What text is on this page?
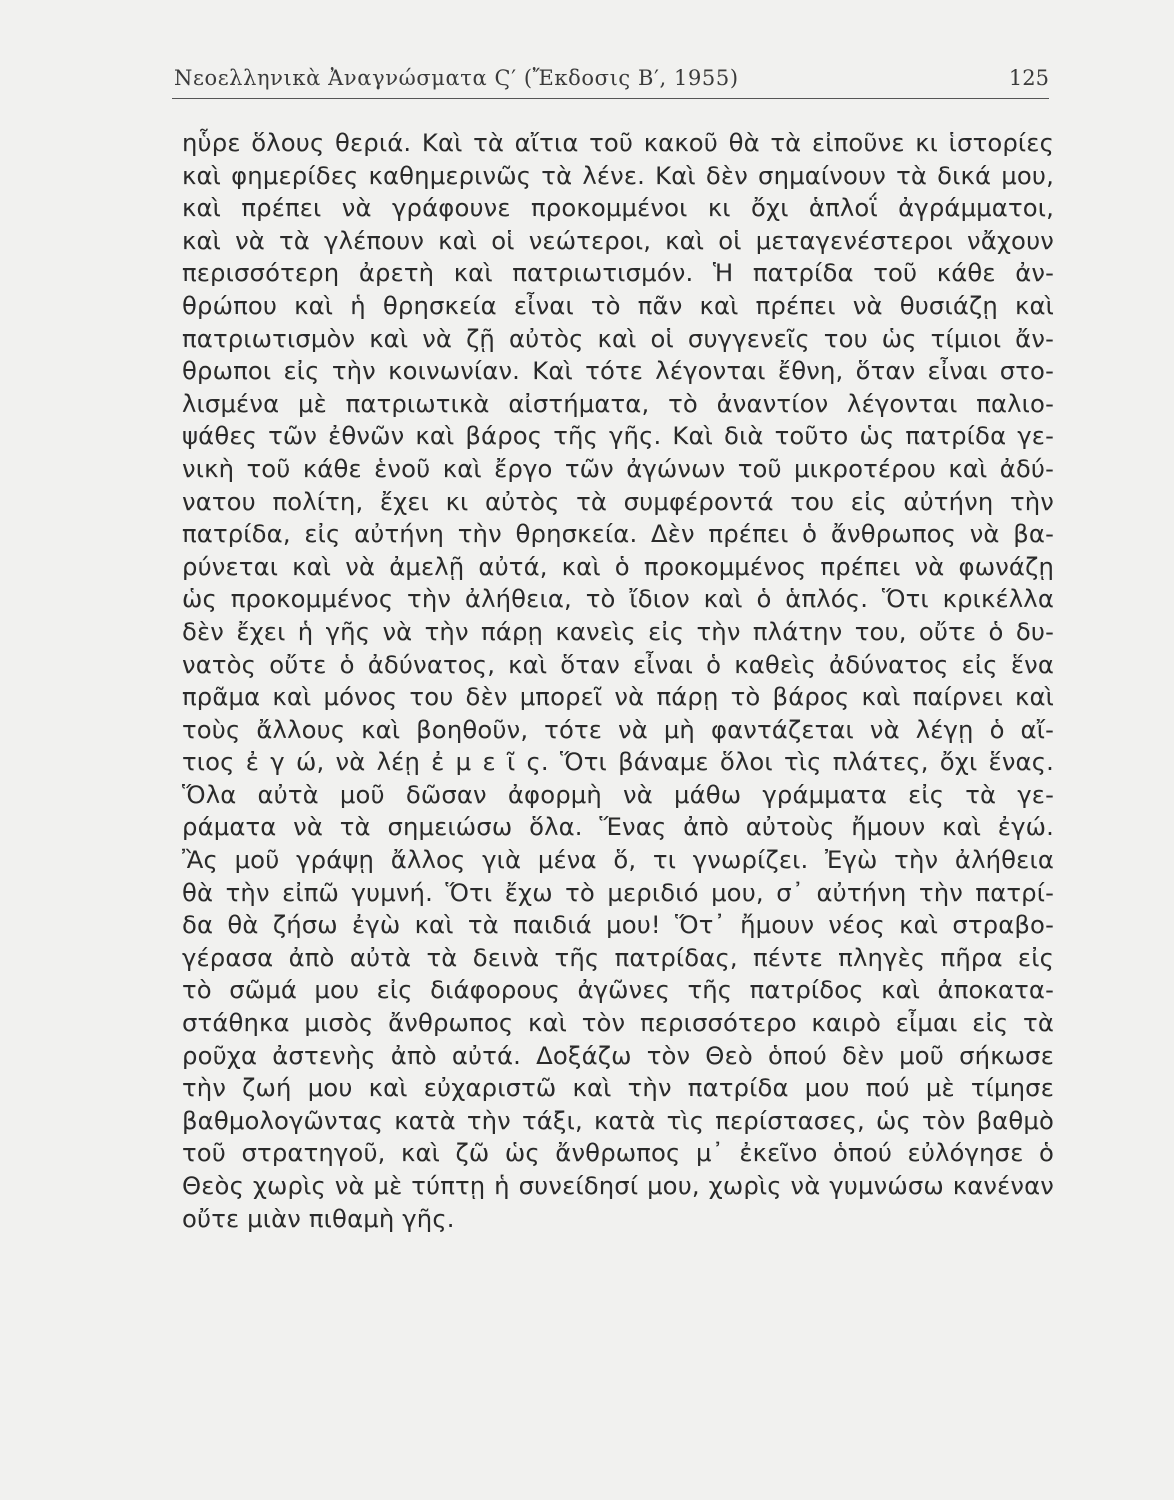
Νεοελληνικὰ Ἀναγνώσματα Ϛ′ (Ἔκδοσις Β′, 1955)	125
ηὗρε ὅλους θεριά. Καὶ τὰ αἴτια τοῦ κακοῦ θὰ τὰ εἰποῦνε κι ἱστορίες
καὶ φημερίδες καθημερινῶς τὰ λένε. Καὶ δὲν σημαίνουν τὰ δικά μου,
καὶ πρέπει νὰ γράφουνε προκομμένοι κι ὄχι ἁπλοΐ ἀγράμματοι,
καὶ νὰ τὰ γλέπουν καὶ οἱ νεώτεροι, καὶ οἱ μεταγενέστεροι νἄχουν
περισσότερη ἀρετὴ καὶ πατριωτισμόν. Ἡ πατρίδα τοῦ κάθε ἀν-
θρώπου καὶ ἡ θρησκεία εἶναι τὸ πᾶν καὶ πρέπει νὰ θυσιάζῃ καὶ
πατριωτισμὸν καὶ νὰ ζῇ αὐτὸς καὶ οἱ συγγενεῖς του ὡς τίμιοι ἄν-
θρωποι εἰς τὴν κοινωνίαν. Καὶ τότε λέγονται ἔθνη, ὅταν εἶναι στο-
λισμένα μὲ πατριωτικὰ αἰστήματα, τὸ ἀναντίον λέγονται παλιο-
ψάθες τῶν ἐθνῶν καὶ βάρος τῆς γῆς. Καὶ διὰ τοῦτο ὡς πατρίδα γε-
νικὴ τοῦ κάθε ἑνοῦ καὶ ἔργο τῶν ἀγώνων τοῦ μικροτέρου καὶ ἀδύ-
νατου πολίτη, ἔχει κι αὐτὸς τὰ συμφέροντά του εἰς αὐτήνη τὴν
πατρίδα, εἰς αὐτήνη τὴν θρησκεία. Δὲν πρέπει ὁ ἄνθρωπος νὰ βα-
ρύνεται καὶ νὰ ἀμελῇ αὐτά, καὶ ὁ προκομμένος πρέπει νὰ φωνάζῃ
ὡς προκομμένος τὴν ἀλήθεια, τὸ ἴδιον καὶ ὁ ἁπλός. Ὅτι κρικέλλα
δὲν ἔχει ἡ γῆς νὰ τὴν πάρῃ κανεὶς εἰς τὴν πλάτην του, οὔτε ὁ δυ-
νατὸς οὔτε ὁ ἀδύνατος, καὶ ὅταν εἶναι ὁ καθεὶς ἀδύνατος εἰς ἕνα
πρᾶμα καὶ μόνος του δὲν μπορεῖ νὰ πάρῃ τὸ βάρος καὶ παίρνει καὶ
τοὺς ἄλλους καὶ βοηθοῦν, τότε νὰ μὴ φαντάζεται νὰ λέγῃ ὁ αἴ-
τιος ἐ γ ώ, νὰ λέῃ ἐ μ ε ῖ ς. Ὅτι βάναμε ὅλοι τὶς πλάτες, ὄχι ἕνας.
Ὅλα αὐτὰ μοῦ δῶσαν ἀφορμὴ νὰ μάθω γράμματα εἰς τὰ γε-
ράματα νὰ τὰ σημειώσω ὅλα. Ἕνας ἀπὸ αὐτοὺς ἤμουν καὶ ἐγώ.
Ἂς μοῦ γράψῃ ἄλλος γιὰ μένα ὅ, τι γνωρίζει. Ἐγὼ τὴν ἀλήθεια
θὰ τὴν εἰπῶ γυμνή. Ὅτι ἔχω τὸ μεριδιό μου, σ᾽ αὐτήνη τὴν πατρί-
δα θὰ ζήσω ἐγὼ καὶ τὰ παιδιά μου! Ὅτ᾽ ἤμουν νέος καὶ στραβο-
γέρασα ἀπὸ αὐτὰ τὰ δεινὰ τῆς πατρίδας, πέντε πληγὲς πῆρα εἰς
τὸ σῶμά μου εἰς διάφορους ἀγῶνες τῆς πατρίδος καὶ ἀποκατα-
στάθηκα μισὸς ἄνθρωπος καὶ τὸν περισσότερο καιρὸ εἶμαι εἰς τὰ
ροῦχα ἀστενὴς ἀπὸ αὐτά. Δοξάζω τὸν Θεὸ ὁπού δὲν μοῦ σήκωσε
τὴν ζωή μου καὶ εὐχαριστῶ καὶ τὴν πατρίδα μου πού μὲ τίμησε
βαθμολογῶντας κατὰ τὴν τάξι, κατὰ τὶς περίστασες, ὡς τὸν βαθμὸ
τοῦ στρατηγοῦ, καὶ ζῶ ὡς ἄνθρωπος μ᾽ ἐκεῖνο ὁπού εὐλόγησε ὁ
Θεὸς χωρὶς νὰ μὲ τύπτῃ ἡ συνείδησί μου, χωρὶς νὰ γυμνώσω κανέναν
οὔτε μιὰν πιθαμὴ γῆς.
